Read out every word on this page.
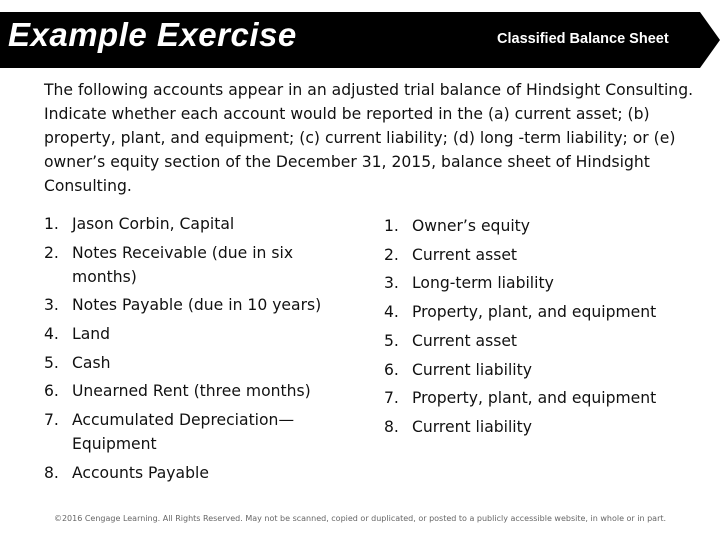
Example Exercise	Classified Balance Sheet
The following accounts appear in an adjusted trial balance of Hindsight Consulting. Indicate whether each account would be reported in the (a) current asset; (b) property, plant, and equipment; (c) current liability; (d) long -term liability; or (e) owner’s equity section of the December 31, 2015, balance sheet of Hindsight Consulting.
1. Jason Corbin, Capital
2. Notes Receivable (due in six months)
3. Notes Payable (due in 10 years)
4. Land
5. Cash
6. Unearned Rent (three months)
7. Accumulated Depreciation—Equipment
8. Accounts Payable
1. Owner’s equity
2. Current asset
3. Long-term liability
4. Property, plant, and equipment
5. Current asset
6. Current liability
7. Property, plant, and equipment
8. Current liability
©2016 Cengage Learning. All Rights Reserved. May not be scanned, copied or duplicated, or posted to a publicly accessible website, in whole or in part.
